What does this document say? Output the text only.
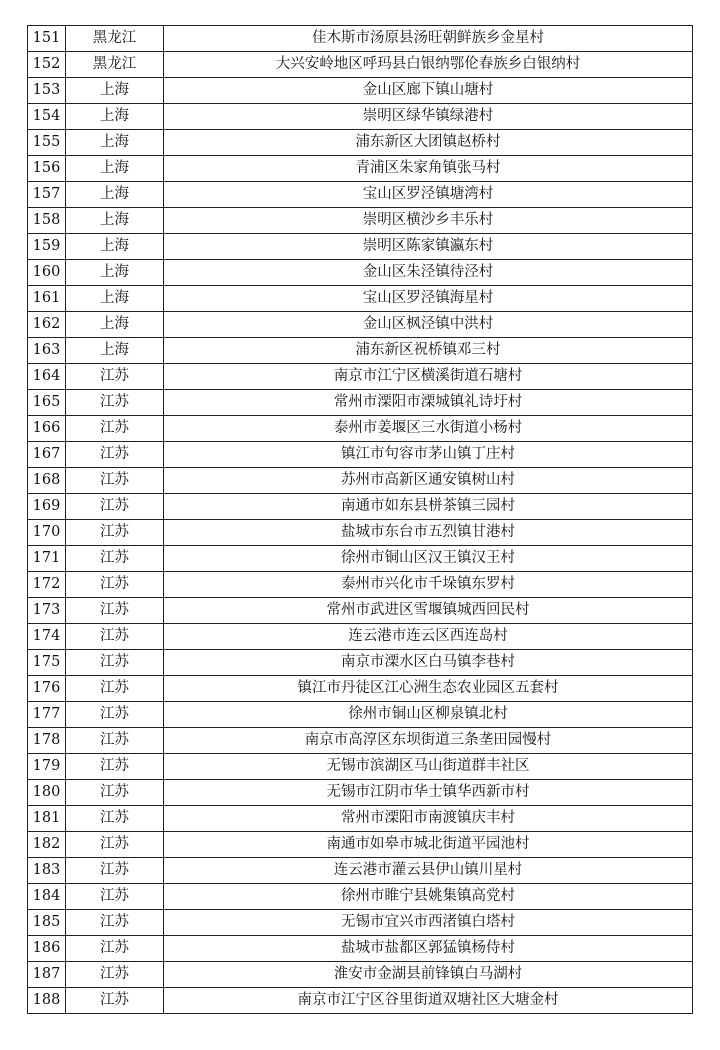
151	黑龙江	佳木斯市汤原县汤旺朝鲜族乡金星村
152	黑龙江	大兴安岭地区呼玛县白银纳鄂伦春族乡白银纳村
153	上海	金山区廊下镇山塘村
154	上海	崇明区绿华镇绿港村
155	上海	浦东新区大团镇赵桥村
156	上海	青浦区朱家角镇张马村
157	上海	宝山区罗泾镇塘湾村
158	上海	崇明区横沙乡丰乐村
159	上海	崇明区陈家镇瀛东村
160	上海	金山区朱泾镇待泾村
161	上海	宝山区罗泾镇海星村
162	上海	金山区枫泾镇中洪村
163	上海	浦东新区祝桥镇邓三村
164	江苏	南京市江宁区横溪街道石塘村
165	江苏	常州市溧阳市溧城镇礼诗圩村
166	江苏	泰州市姜堰区三水街道小杨村
167	江苏	镇江市句容市茅山镇丁庄村
168	江苏	苏州市高新区通安镇树山村
169	江苏	南通市如东县栟茶镇三园村
170	江苏	盐城市东台市五烈镇甘港村
171	江苏	徐州市铜山区汉王镇汉王村
172	江苏	泰州市兴化市千垛镇东罗村
173	江苏	常州市武进区雪堰镇城西回民村
174	江苏	连云港市连云区西连岛村
175	江苏	南京市溧水区白马镇李巷村
176	江苏	镇江市丹徒区江心洲生态农业园区五套村
177	江苏	徐州市铜山区柳泉镇北村
178	江苏	南京市高淳区东坝街道三条垄田园慢村
179	江苏	无锡市滨湖区马山街道群丰社区
180	江苏	无锡市江阴市华士镇华西新市村
181	江苏	常州市溧阳市南渡镇庆丰村
182	江苏	南通市如皋市城北街道平园池村
183	江苏	连云港市灌云县伊山镇川星村
184	江苏	徐州市睢宁县姚集镇高党村
185	江苏	无锡市宜兴市西渚镇白塔村
186	江苏	盐城市盐都区郭猛镇杨侍村
187	江苏	淮安市金湖县前锋镇白马湖村
188	江苏	南京市江宁区谷里街道双塘社区大塘金村
